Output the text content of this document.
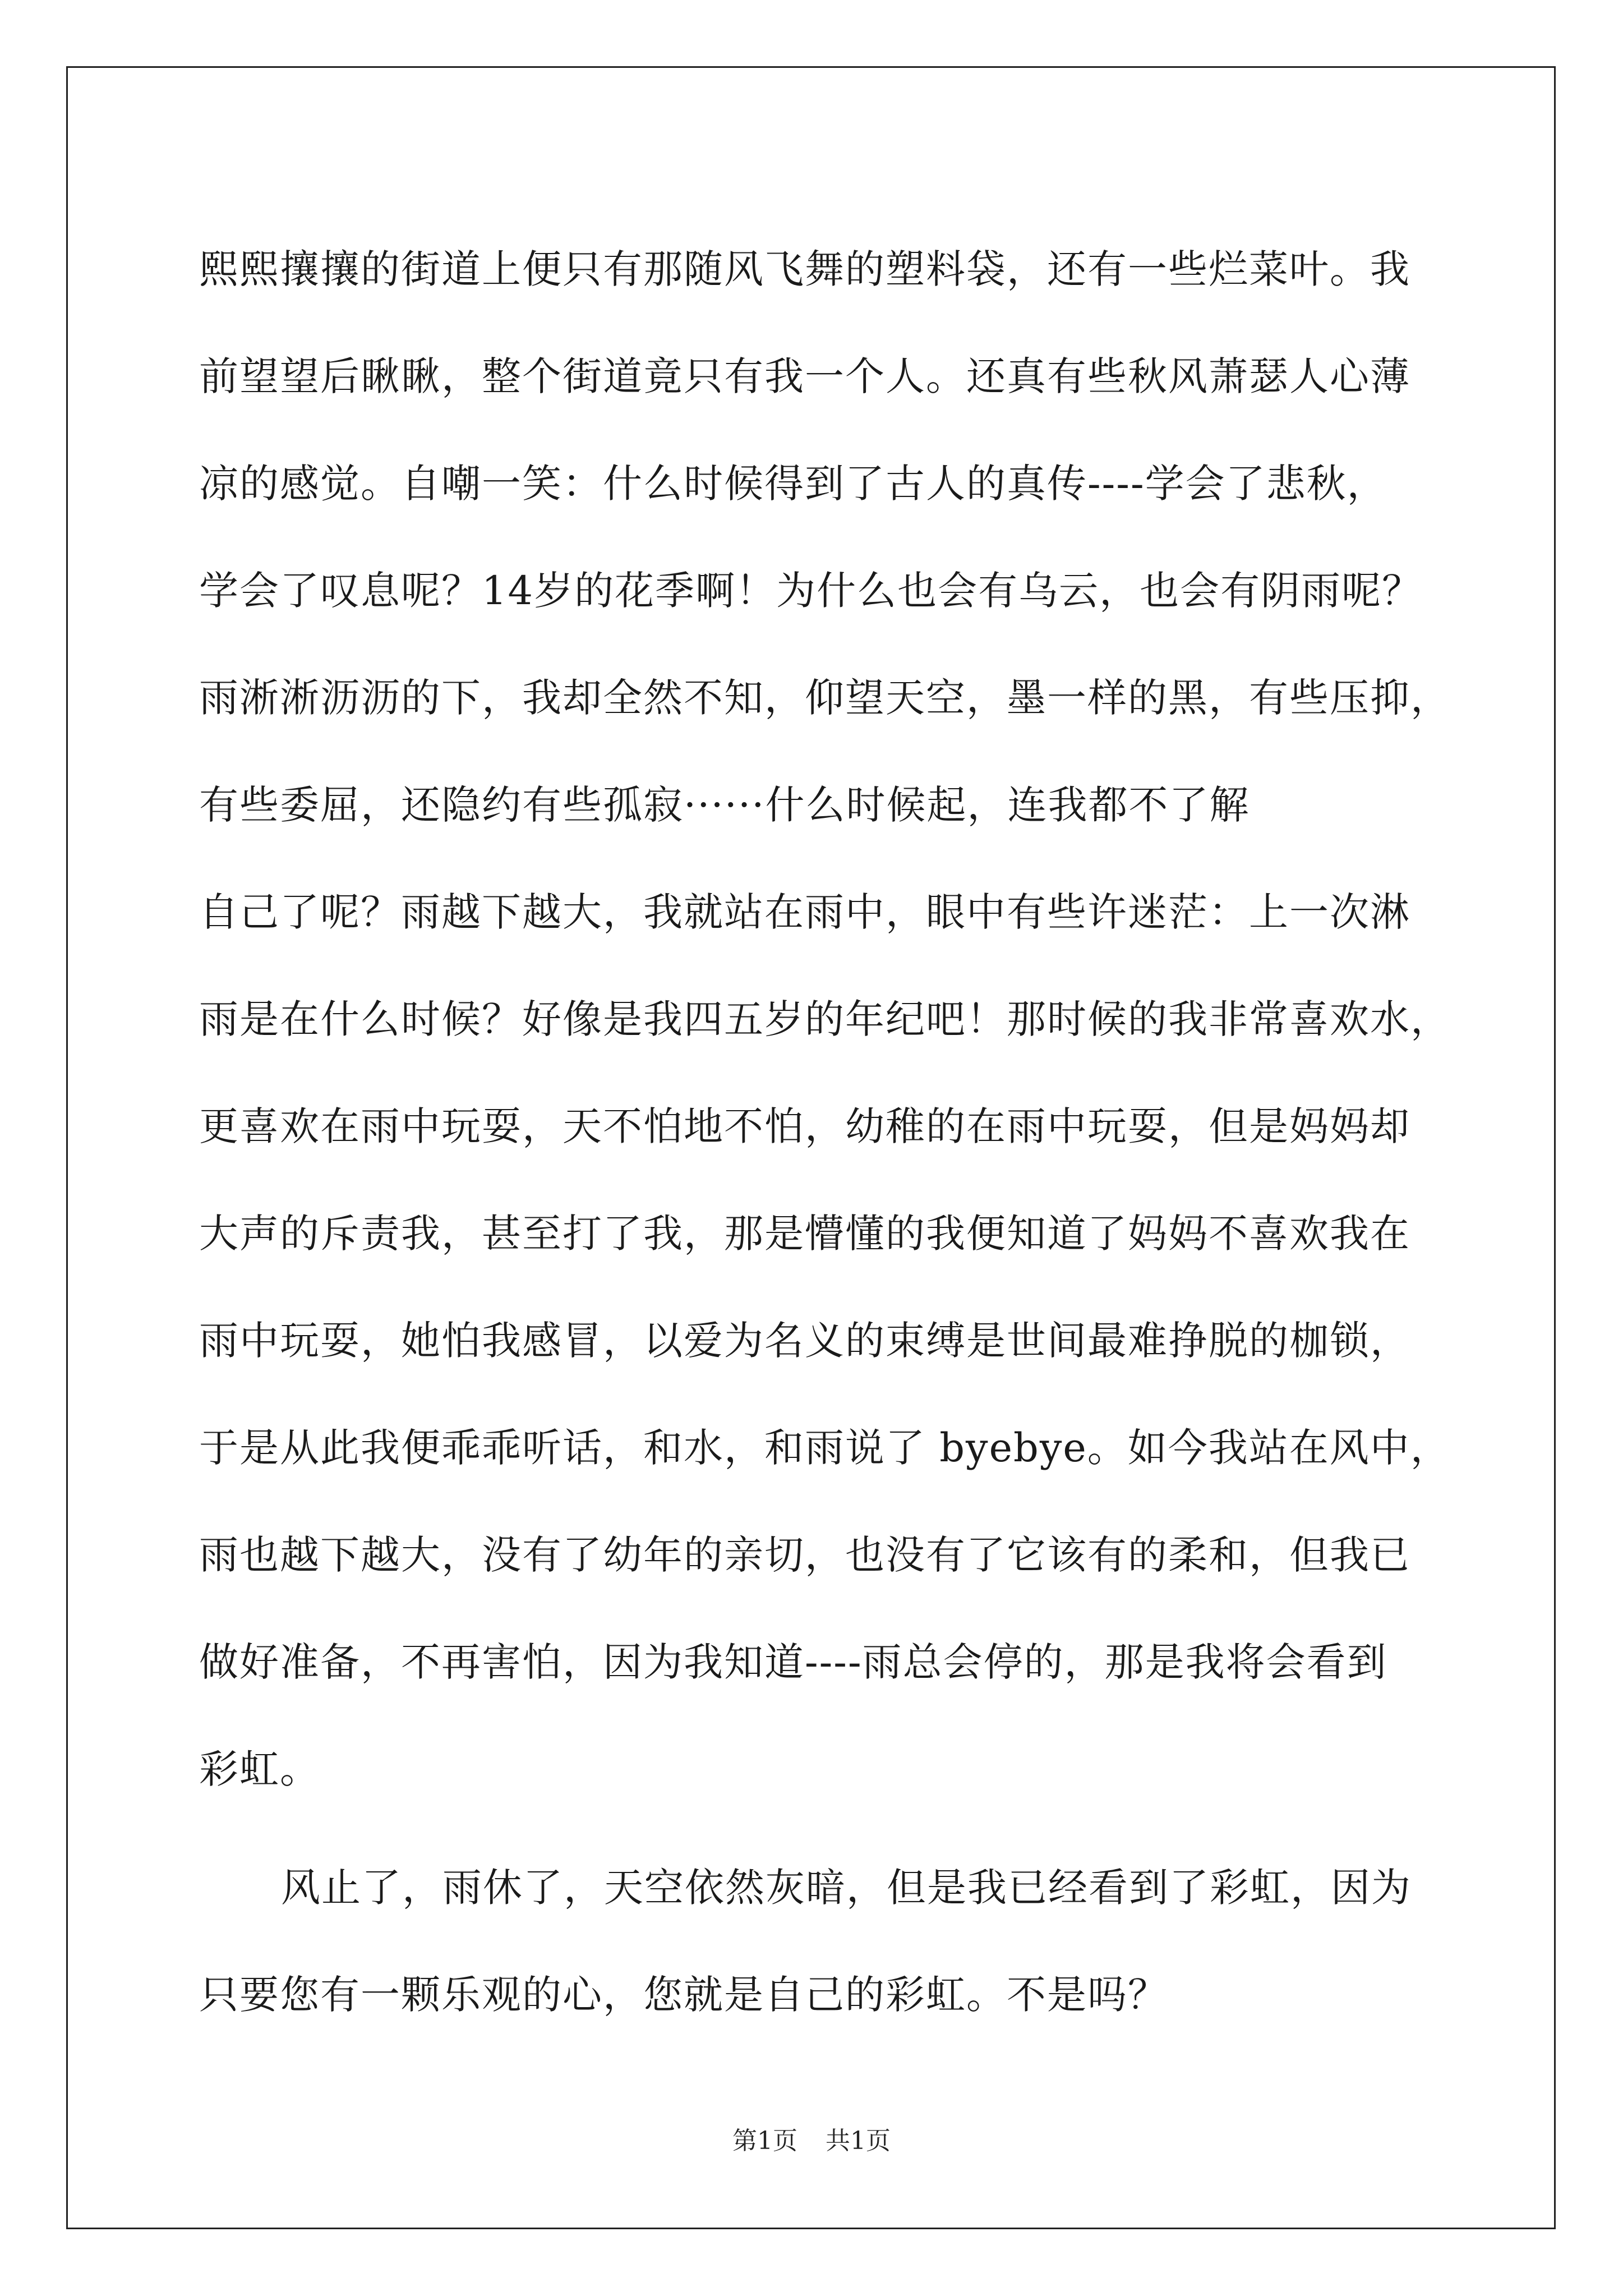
熙熙攘攘的街道上便只有那随风飞舞的塑料袋，还有一些烂菜叶。我
前望望后瞅瞅，整个街道竟只有我一个人。还真有些秋风萧瑟人心薄
凉的感觉。自嘲一笑：什么时候得到了古人的真传----学会了悲秋，
学会了叹息呢？14岁的花季啊！为什么也会有乌云，也会有阴雨呢？
雨淅淅沥沥的下，我却全然不知，仰望天空，墨一样的黑，有些压抑，
有些委屈，还隐约有些孤寂······什么时候起，连我都不了解
自己了呢？雨越下越大，我就站在雨中，眼中有些许迷茫：上一次淋
雨是在什么时候？好像是我四五岁的年纪吧！那时候的我非常喜欢水，
更喜欢在雨中玩耍，天不怕地不怕，幼稚的在雨中玩耍，但是妈妈却
大声的斥责我，甚至打了我，那是懵懂的我便知道了妈妈不喜欢我在
雨中玩耍，她怕我感冒，以爱为名义的束缚是世间最难挣脱的枷锁，
于是从此我便乖乖听话，和水，和雨说了 byebye。如今我站在风中，
雨也越下越大，没有了幼年的亲切，也没有了它该有的柔和，但我已
做好准备，不再害怕，因为我知道----雨总会停的，那是我将会看到
彩虹。
风止了，雨休了，天空依然灰暗，但是我已经看到了彩虹，因为
只要您有一颗乐观的心，您就是自己的彩虹。不是吗？
第1页 共1页
